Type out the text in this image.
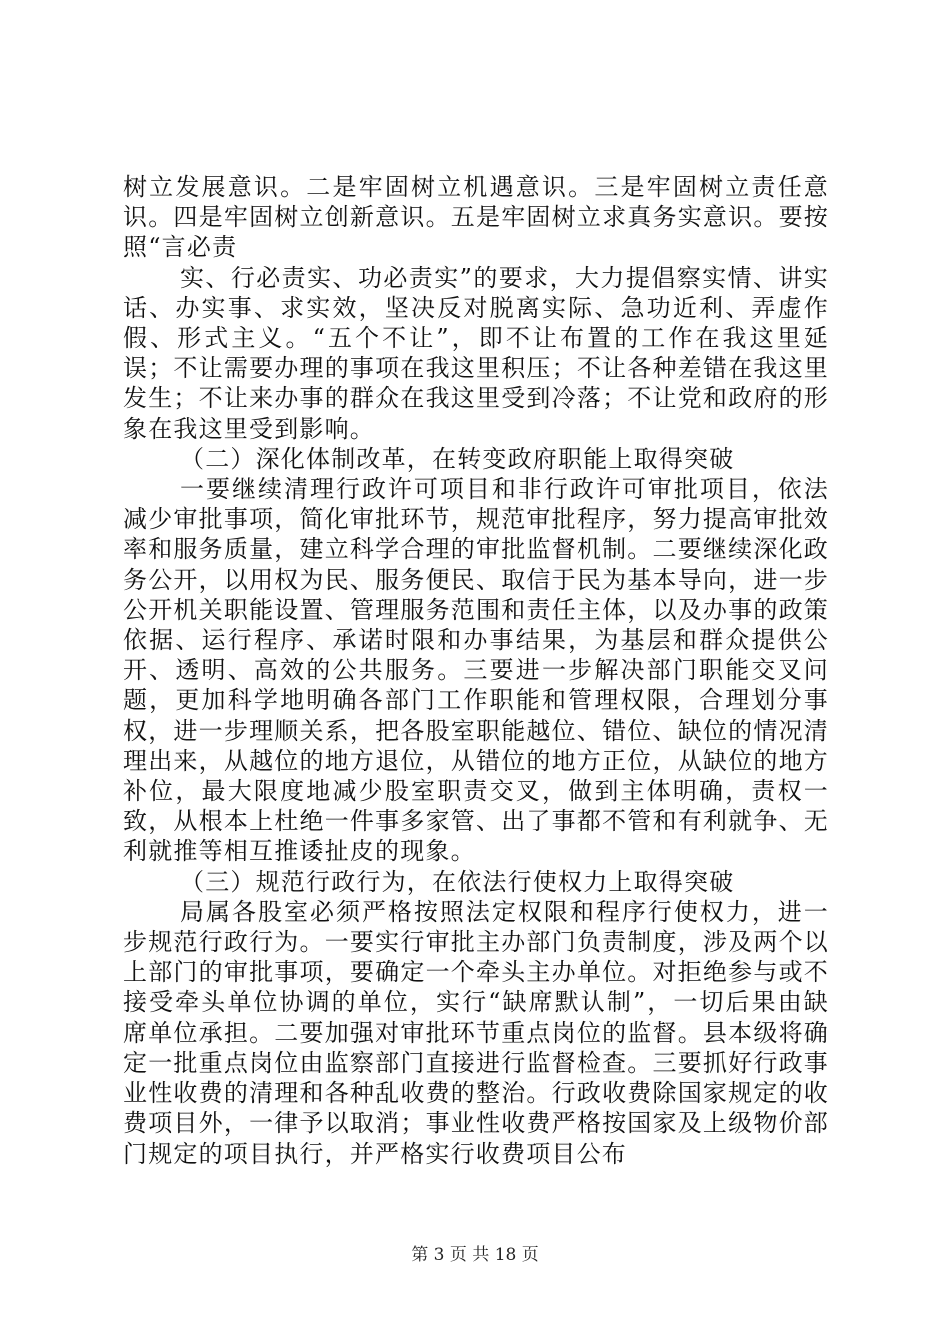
树立发展意识。二是牢固树立机遇意识。三是牢固树立责任意识。四是牢固树立创新意识。五是牢固树立求真务实意识。要按照“言必责

实、行必责实、功必责实”的要求，大力提倡察实情、讲实话、办实事、求实效，坚决反对脱离实际、急功近利、弄虚作假、形式主义。“五个不让”，即不让布置的工作在我这里延误；不让需要办理的事项在我这里积压；不让各种差错在我这里发生；不让来办事的群众在我这里受到冷落；不让党和政府的形象在我这里受到影响。

（二）深化体制改革，在转变政府职能上取得突破

一要继续清理行政许可项目和非行政许可审批项目，依法减少审批事项，简化审批环节，规范审批程序，努力提高审批效率和服务质量，建立科学合理的审批监督机制。二要继续深化政务公开，以用权为民、服务便民、取信于民为基本导向，进一步公开机关职能设置、管理服务范围和责任主体，以及办事的政策依据、运行程序、承诺时限和办事结果，为基层和群众提供公开、透明、高效的公共服务。三要进一步解决部门职能交叉问题，更加科学地明确各部门工作职能和管理权限，合理划分事权，进一步理顺关系，把各股室职能越位、错位、缺位的情况清理出来，从越位的地方退位，从错位的地方正位，从缺位的地方补位，最大限度地减少股室职责交叉，做到主体明确，责权一致，从根本上杜绝一件事多家管、出了事都不管和有利就争、无利就推等相互推诿扯皮的现象。

（三）规范行政行为，在依法行使权力上取得突破

局属各股室必须严格按照法定权限和程序行使权力，进一步规范行政行为。一要实行审批主办部门负责制度，涉及两个以上部门的审批事项，要确定一个牵头主办单位。对拒绝参与或不接受牵头单位协调的单位，实行“缺席默认制”，一切后果由缺席单位承担。二要加强对审批环节重点岗位的监督。县本级将确定一批重点岗位由监察部门直接进行监督检查。三要抓好行政事业性收费的清理和各种乱收费的整治。行政收费除国家规定的收费项目外，一律予以取消；事业性收费严格按国家及上级物价部门规定的项目执行，并严格实行收费项目公布

第 3 页 共 18 页
